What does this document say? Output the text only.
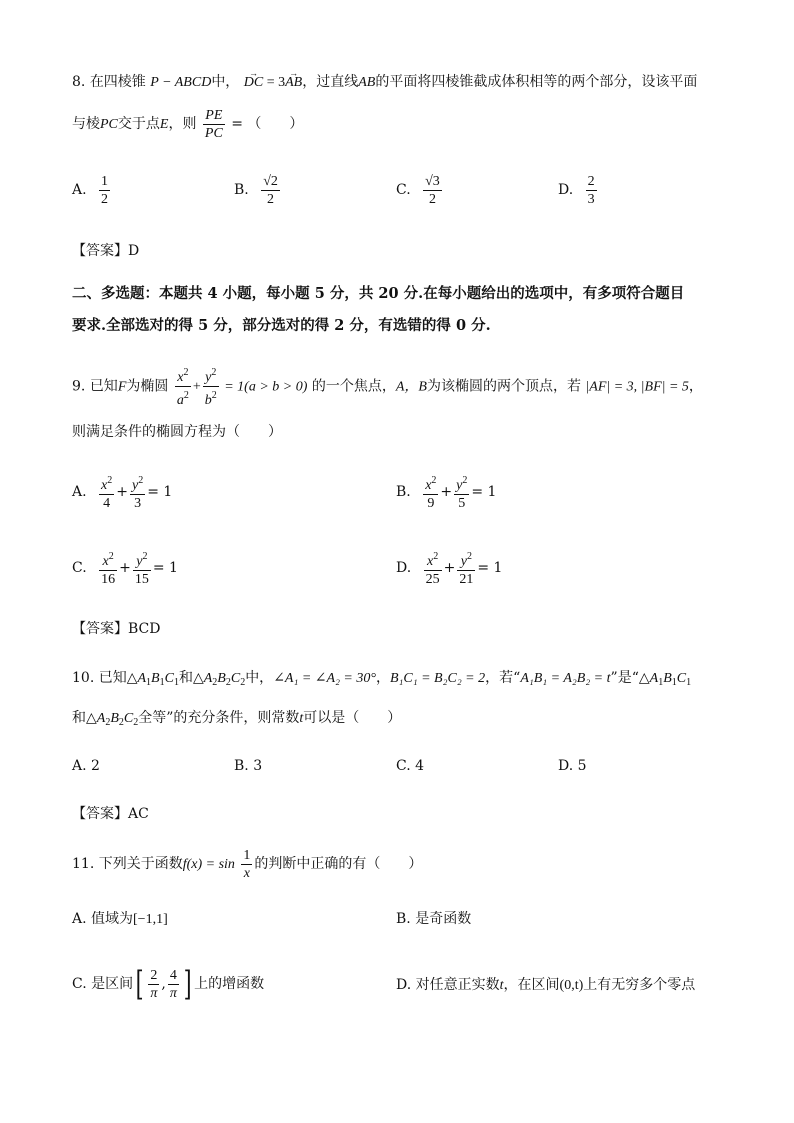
8. 在四棱锥 P − ABCD中， → DC = 3→ AB，过直线AB的平面将四棱锥截成体积相等的两个部分，设该平面
与棱PC交于点E，则 $\frac{PE}{PC}$ = （　　）
A. $\frac{1}{2}$	B. $\frac{√2}{2}$	C. $\frac{√3}{2}$	D. $\frac{2}{3}$
【答案】D
二、多选题：本题共 4 小题，每小题 5 分，共 20 分.在每小题给出的选项中，有多项符合题目
要求.全部选对的得 5 分，部分选对的得 2 分，有选错的得 0 分.
9. 已知F为椭圆 $\frac{x^2}{a^2} + \frac{y^2}{b^2} = 1(a > b > 0)$ 的一个焦点，A，B为该椭圆的两个顶点，若 |AF| = 3, |BF| = 5，
则满足条件的椭圆方程为（　　）
A. $\frac{x^2}{4} + \frac{y^2}{3} = 1$	B. $\frac{x^2}{9} + \frac{y^2}{5} = 1$
C. $\frac{x^2}{16} + \frac{y^2}{15} = 1$	D. $\frac{x^2}{25} + \frac{y^2}{21} = 1$
【答案】BCD
10. 已知$\triangle A_1B_1C_1$和$\triangle A_2B_2C_2$中，∠A₁ = ∠A₂ = 30°，B₁C₁ = B₂C₂ = 2，若“A₁B₁ = A₂B₂ = t”是“$\triangle A_1B_1C_1$
和$\triangle A_2B_2C_2$全等”的充分条件，则常数t可以是（　　）
A. 2	B. 3	C. 4	D. 5
【答案】AC
11. 下列关于函数$f(x) = \sin \frac{1}{x}$ 的判断中正确的有（　　）
A. 值域为[−1,1]	B. 是奇函数
C. 是区间[ $\frac{2}{\pi}$ , $\frac{4}{\pi}$ ] 上的增函数	D. 对任意正实数t，在区间(0,t)上有无穷多个零点
